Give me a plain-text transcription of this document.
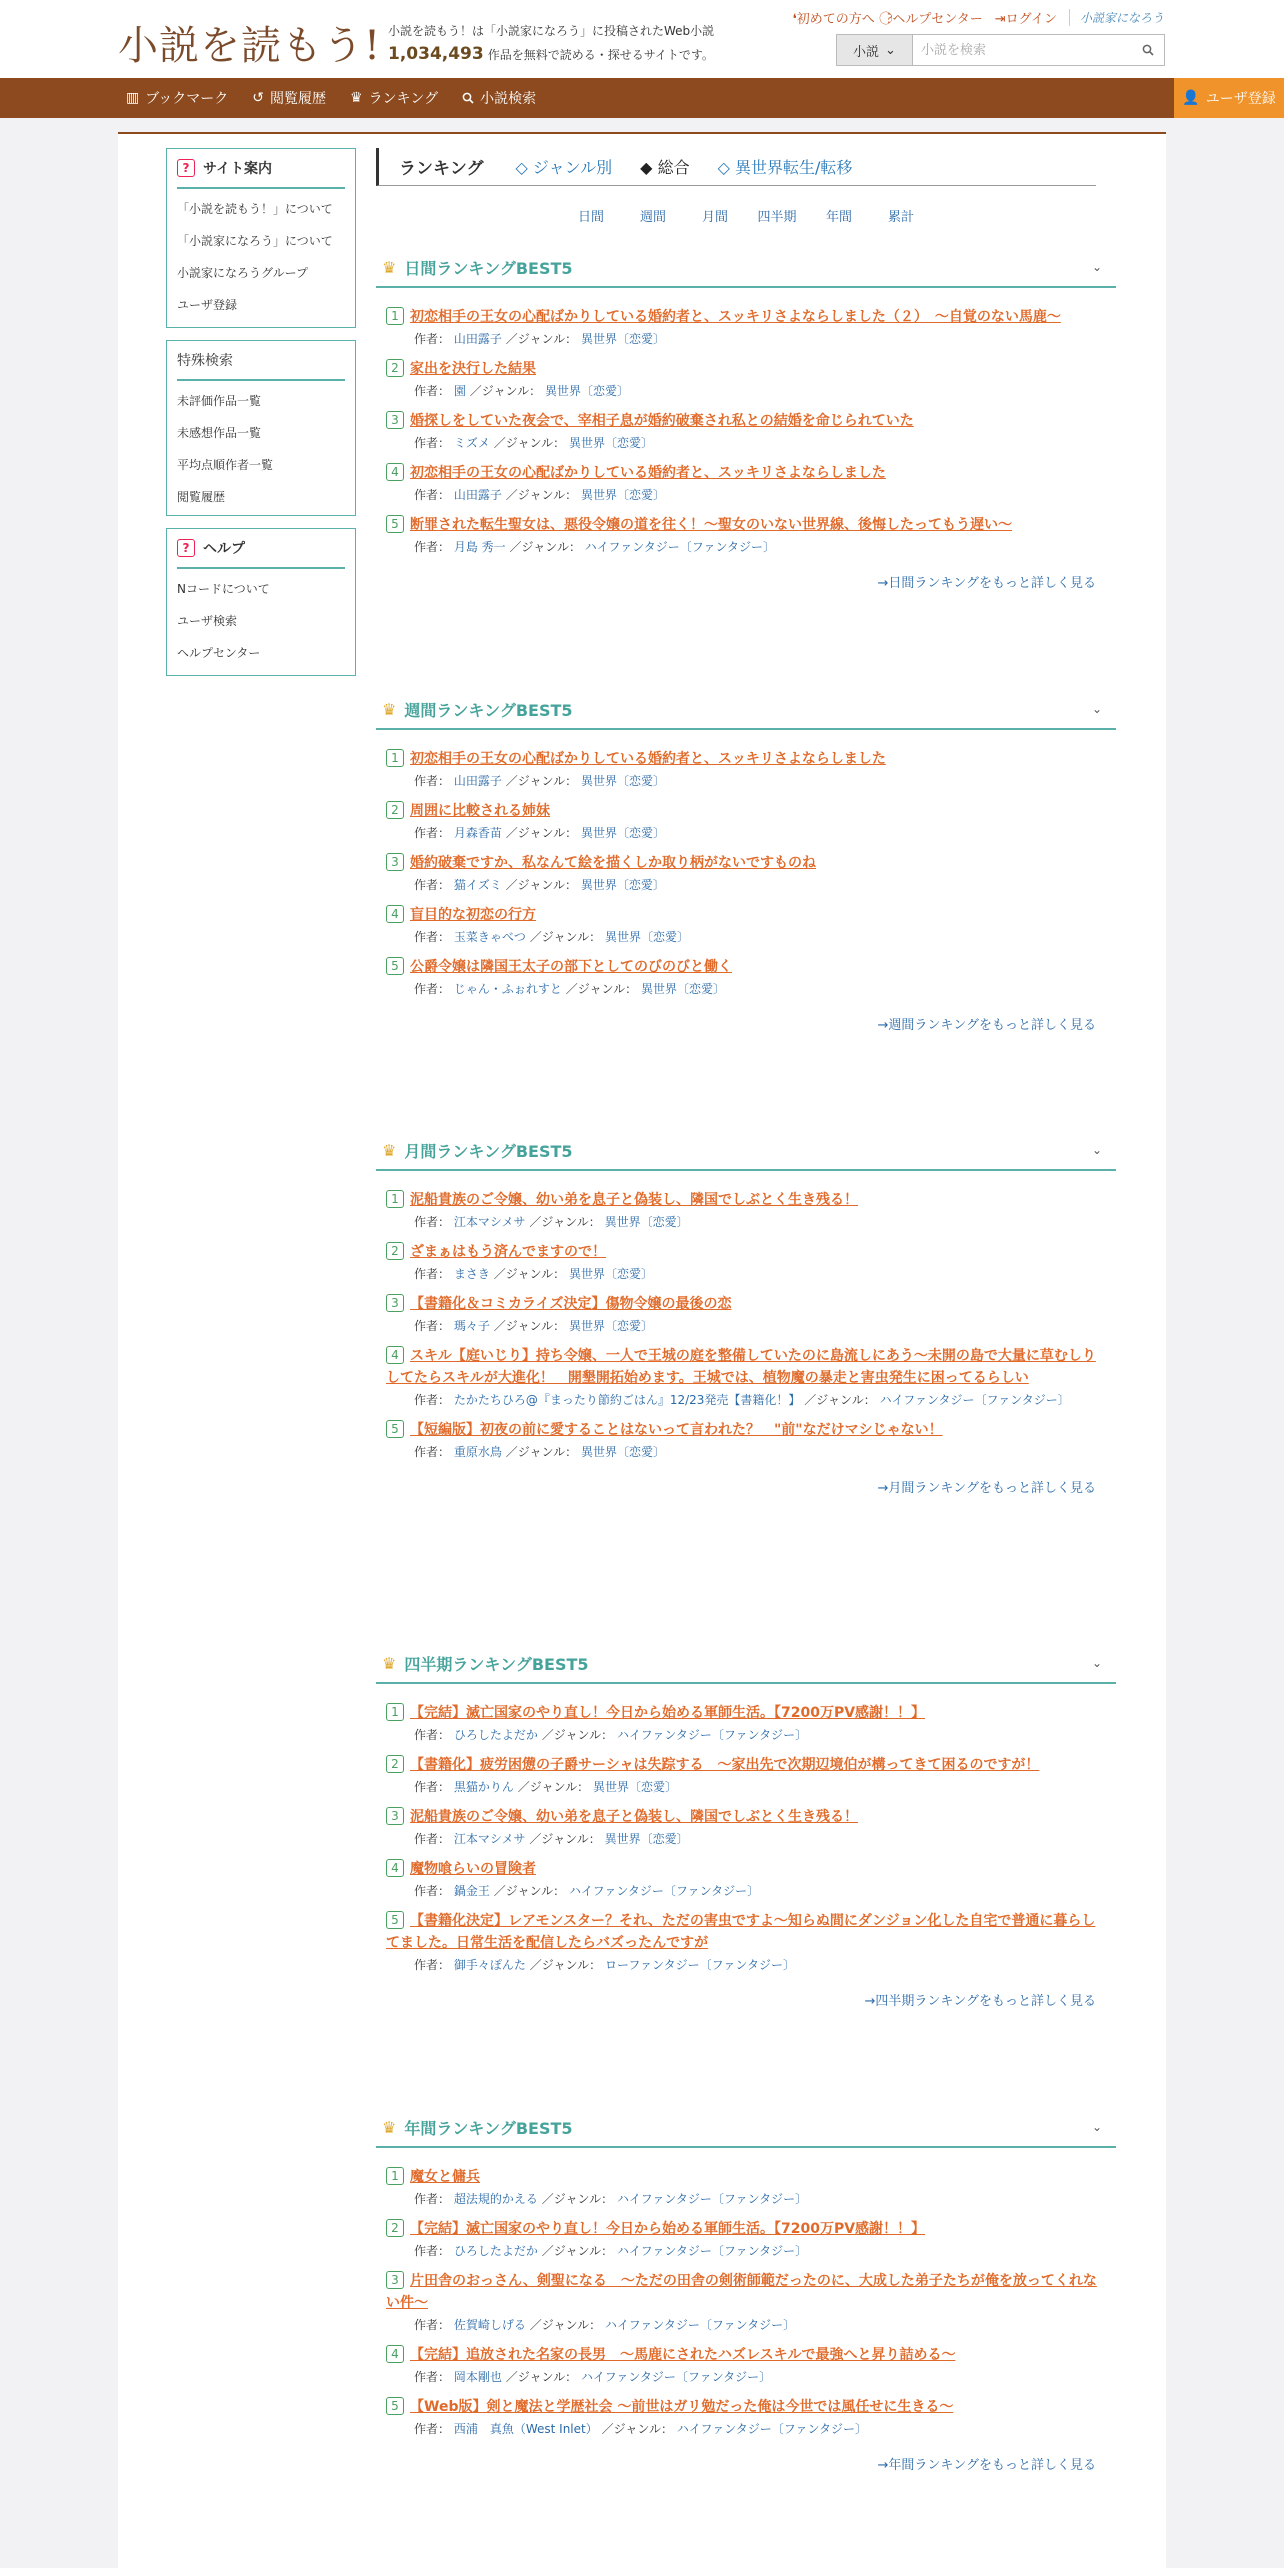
小説を読もう! 小説を読もう！は「小説家になろう」に投稿されたWeb小説
1,034,493 作品を無料で読める・探せるサイトです。
❛初めての方へ ?⃝ヘルプセンター ⇥ログイン	小説家になろう
小説 ⌄
小説を検索
▥ ブックマーク ↺ 閲覧履歴 ♛ ランキング	小説検索	👤 ユーザ登録
? サイト案内
「小説を読もう！」について
「小説家になろう」について
小説家になろうグループ
ユーザ登録
特殊検索
未評価作品一覧
未感想作品一覧
平均点順作者一覧
閲覧履歴
? ヘルプ
Nコードについて
ユーザ検索
ヘルプセンター
ランキング ◇ ジャンル別 ◆ 総合 ◇ 異世界転生/転移
日間	週間	月間	四半期	年間	累計
♛ 日間ランキングBEST5	⌄
1 初恋相手の王女の心配ばかりしている婚約者と、スッキリさよならしました（２）　〜自覚のない馬鹿〜
作者： 山田露子 ／ジャンル： 異世界〔恋愛〕
2 家出を決行した結果
作者： 園 ／ジャンル： 異世界〔恋愛〕
3 婚探しをしていた夜会で、宰相子息が婚約破棄され私との結婚を命じられていた
作者： ミズメ ／ジャンル： 異世界〔恋愛〕
4 初恋相手の王女の心配ばかりしている婚約者と、スッキリさよならしました
作者： 山田露子 ／ジャンル： 異世界〔恋愛〕
5 断罪された転生聖女は、悪役令嬢の道を往く！〜聖女のいない世界線、後悔したってもう遅い〜
作者： 月島 秀一 ／ジャンル： ハイファンタジー〔ファンタジー〕
→日間ランキングをもっと詳しく見る
♛ 週間ランキングBEST5	⌄
1 初恋相手の王女の心配ばかりしている婚約者と、スッキリさよならしました
作者： 山田露子 ／ジャンル： 異世界〔恋愛〕
2 周囲に比較される姉妹
作者： 月森香苗 ／ジャンル： 異世界〔恋愛〕
3 婚約破棄ですか、私なんて絵を描くしか取り柄がないですものね
作者： 猫イズミ ／ジャンル： 異世界〔恋愛〕
4 盲目的な初恋の行方
作者： 玉菜きゃべつ ／ジャンル： 異世界〔恋愛〕
5 公爵令嬢は隣国王太子の部下としてのびのびと働く
作者： じゃん・ふぉれすと ／ジャンル： 異世界〔恋愛〕
→週間ランキングをもっと詳しく見る
♛ 月間ランキングBEST5	⌄
1 泥船貴族のご令嬢、幼い弟を息子と偽装し、隣国でしぶとく生き残る！
作者： 江本マシメサ ／ジャンル： 異世界〔恋愛〕
2 ざまぁはもう済んでますので！
作者： まさき ／ジャンル： 異世界〔恋愛〕
3 【書籍化＆コミカライズ決定】傷物令嬢の最後の恋
作者： 瑪々子 ／ジャンル： 異世界〔恋愛〕
4 スキル【庭いじり】持ち令嬢、一人で王城の庭を整備していたのに島流しにあう〜未開の島で大量に草むしりしてたらスキルが大進化！　開墾開拓始めます。王城では、植物魔の暴走と害虫発生に困ってるらしい
作者： たかたちひろ@『まったり節約ごはん』12/23発売【書籍化！】 ／ジャンル： ハイファンタジー〔ファンタジー〕
5 【短編版】初夜の前に愛することはないって言われた？　"前"なだけマシじゃない！
作者： 重原水鳥 ／ジャンル： 異世界〔恋愛〕
→月間ランキングをもっと詳しく見る
♛ 四半期ランキングBEST5	⌄
1 【完結】滅亡国家のやり直し！今日から始める軍師生活。【7200万PV感謝！！】
作者： ひろしたよだか ／ジャンル： ハイファンタジー〔ファンタジー〕
2 【書籍化】疲労困憊の子爵サーシャは失踪する　〜家出先で次期辺境伯が構ってきて困るのですが！
作者： 黒猫かりん ／ジャンル： 異世界〔恋愛〕
3 泥船貴族のご令嬢、幼い弟を息子と偽装し、隣国でしぶとく生き残る！
作者： 江本マシメサ ／ジャンル： 異世界〔恋愛〕
4 魔物喰らいの冒険者
作者： 鍋金王 ／ジャンル： ハイファンタジー〔ファンタジー〕
5 【書籍化決定】レアモンスター？それ、ただの害虫ですよ〜知らぬ間にダンジョン化した自宅で普通に暮らしてました。日常生活を配信したらバズったんですが
作者： 御手々ぽんた ／ジャンル： ローファンタジー〔ファンタジー〕
→四半期ランキングをもっと詳しく見る
♛ 年間ランキングBEST5	⌄
1 魔女と傭兵
作者： 超法規的かえる ／ジャンル： ハイファンタジー〔ファンタジー〕
2 【完結】滅亡国家のやり直し！今日から始める軍師生活。【7200万PV感謝！！】
作者： ひろしたよだか ／ジャンル： ハイファンタジー〔ファンタジー〕
3 片田舎のおっさん、剣聖になる　〜ただの田舎の剣術師範だったのに、大成した弟子たちが俺を放ってくれない件〜
作者： 佐賀崎しげる ／ジャンル： ハイファンタジー〔ファンタジー〕
4 【完結】追放された名家の長男　〜馬鹿にされたハズレスキルで最強へと昇り詰める〜
作者： 岡本剛也 ／ジャンル： ハイファンタジー〔ファンタジー〕
5 【Web版】剣と魔法と学歴社会 〜前世はガリ勉だった俺は今世では風任せに生きる〜
作者： 西浦　真魚（West Inlet） ／ジャンル： ハイファンタジー〔ファンタジー〕
→年間ランキングをもっと詳しく見る
